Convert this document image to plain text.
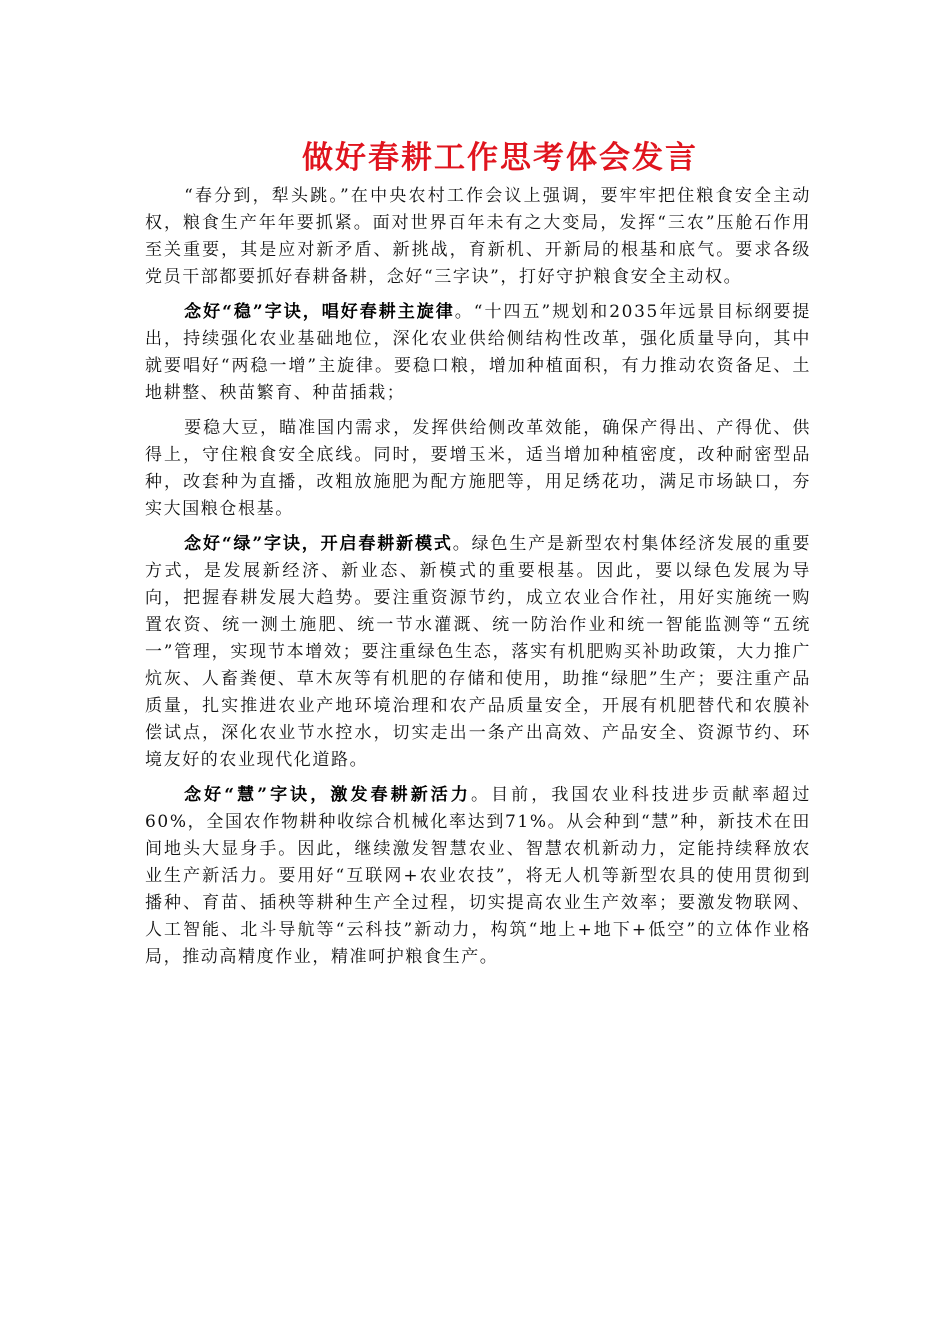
做好春耕工作思考体会发言

“春分到，犁头跳。”在中央农村工作会议上强调，要牢牢把住粮食安全主动权，粮食生产年年要抓紧。面对世界百年未有之大变局，发挥“三农”压舱石作用至关重要，其是应对新矛盾、新挑战，育新机、开新局的根基和底气。要求各级党员干部都要抓好春耕备耕，念好“三字诀”，打好守护粮食安全主动权。

念好“稳”字诀，唱好春耕主旋律。“十四五”规划和2035年远景目标纲要提出，持续强化农业基础地位，深化农业供给侧结构性改革，强化质量导向，其中就要唱好“两稳一增”主旋律。要稳口粮，增加种植面积，有力推动农资备足、土地耕整、秧苗繁育、种苗插栽；

要稳大豆，瞄准国内需求，发挥供给侧改革效能，确保产得出、产得优、供得上，守住粮食安全底线。同时，要增玉米，适当增加种植密度，改种耐密型品种，改套种为直播，改粗放施肥为配方施肥等，用足绣花功，满足市场缺口，夯实大国粮仓根基。

念好“绿”字诀，开启春耕新模式。绿色生产是新型农村集体经济发展的重要方式，是发展新经济、新业态、新模式的重要根基。因此，要以绿色发展为导向，把握春耕发展大趋势。要注重资源节约，成立农业合作社，用好实施统一购置农资、统一测土施肥、统一节水灌溉、统一防治作业和统一智能监测等“五统一”管理，实现节本增效；要注重绿色生态，落实有机肥购买补助政策，大力推广炕灰、人畜粪便、草木灰等有机肥的存储和使用，助推“绿肥”生产；要注重产品质量，扎实推进农业产地环境治理和农产品质量安全，开展有机肥替代和农膜补偿试点，深化农业节水控水，切实走出一条产出高效、产品安全、资源节约、环境友好的农业现代化道路。

念好“慧”字诀，激发春耕新活力。目前，我国农业科技进步贡献率超过60%，全国农作物耕种收综合机械化率达到71%。从会种到“慧”种，新技术在田间地头大显身手。因此，继续激发智慧农业、智慧农机新动力，定能持续释放农业生产新活力。要用好“互联网+农业农技”，将无人机等新型农具的使用贯彻到播种、育苗、插秧等耕种生产全过程，切实提高农业生产效率；要激发物联网、人工智能、北斗导航等“云科技”新动力，构筑“地上+地下+低空”的立体作业格局，推动高精度作业，精准呵护粮食生产。
